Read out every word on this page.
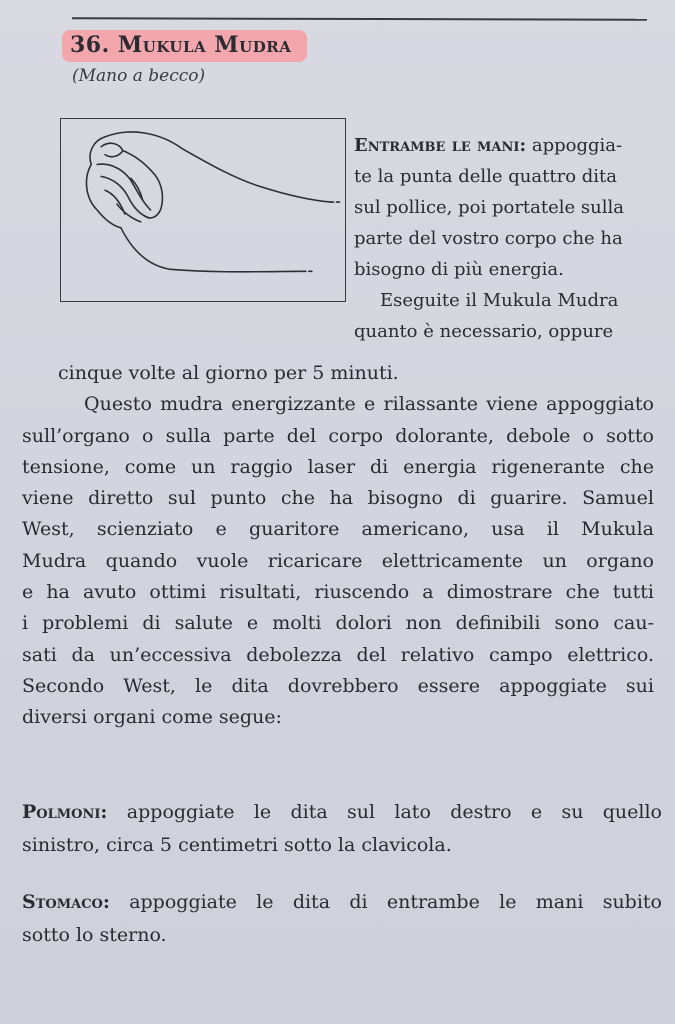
36. Mukula Mudra
(Mano a becco)
Entrambe le mani: appoggia-
te la punta delle quattro dita
sul pollice, poi portatele sulla
parte del vostro corpo che ha
bisogno di più energia.
Eseguite il Mukula Mudra
quanto è necessario, oppure
cinque volte al giorno per 5 minuti.
Questo mudra energizzante e rilassante viene appoggiato
sull’organo o sulla parte del corpo dolorante, debole o sotto
tensione, come un raggio laser di energia rigenerante che
viene diretto sul punto che ha bisogno di guarire. Samuel
West, scienziato e guaritore americano, usa il Mukula
Mudra quando vuole ricaricare elettricamente un organo
e ha avuto ottimi risultati, riuscendo a dimostrare che tutti
i problemi di salute e molti dolori non definibili sono cau-
sati da un’eccessiva debolezza del relativo campo elettrico.
Secondo West, le dita dovrebbero essere appoggiate sui
diversi organi come segue:
Polmoni: appoggiate le dita sul lato destro e su quello
sinistro, circa 5 centimetri sotto la clavicola.
Stomaco: appoggiate le dita di entrambe le mani subito
sotto lo sterno.
